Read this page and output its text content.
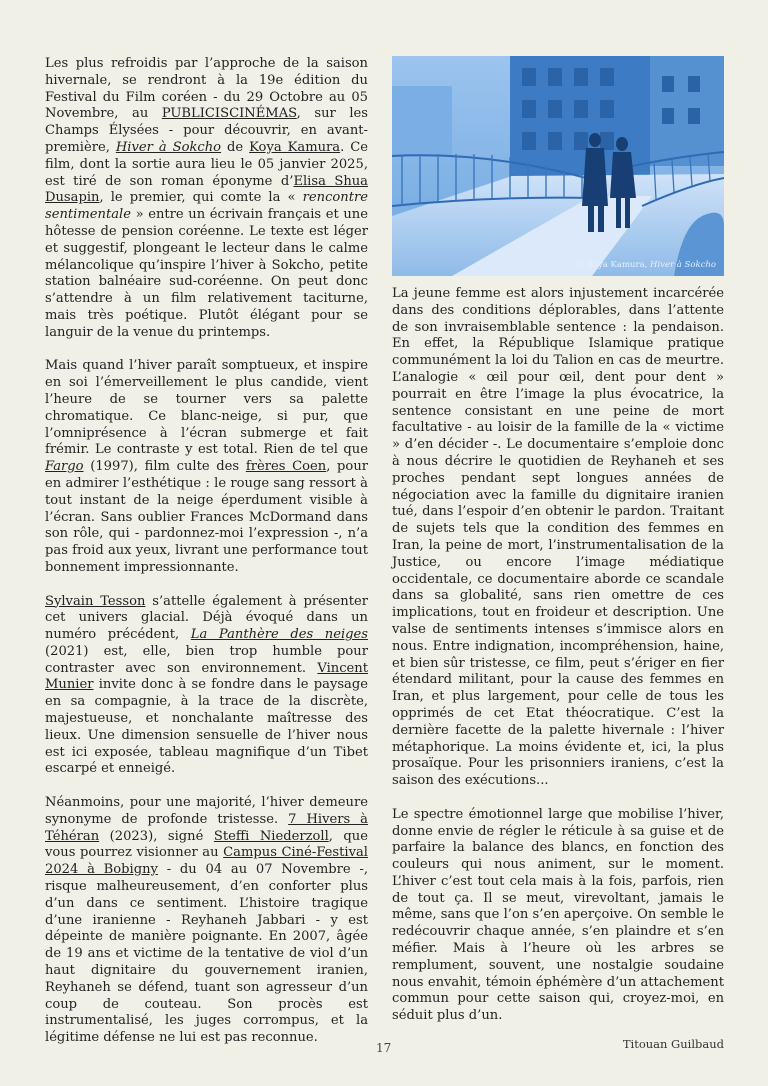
Les plus refroidis par l’approche de la saison hivernale, se rendront à la 19e édition du Festival du Film coréen - du 29 Octobre au 05 Novembre, au PUBLICISCINÉMAS, sur les Champs Élysées - pour découvrir, en avant-première, Hiver à Sokcho de Koya Kamura. Ce film, dont la sortie aura lieu le 05 janvier 2025, est tiré de son roman éponyme d’Elisa Shua Dusapin, le premier, qui comte la « rencontre sentimentale » entre un écrivain français et une hôtesse de pension coréenne. Le texte est léger et suggestif, plongeant le lecteur dans le calme mélancolique qu’inspire l’hiver à Sokcho, petite station balnéaire sud-coréenne. On peut donc s’attendre à un film relativement taciturne, mais très poétique. Plutôt élégant pour se languir de la venue du printemps.

Mais quand l’hiver paraît somptueux, et inspire en soi l’émerveillement le plus candide, vient l’heure de se tourner vers sa palette chromatique. Ce blanc-neige, si pur, que l’omniprésence à l’écran submerge et fait frémir. Le contraste y est total. Rien de tel que Fargo (1997), film culte des frères Coen, pour en admirer l’esthétique : le rouge sang ressort à tout instant de la neige éperdument visible à l’écran. Sans oublier Frances McDormand dans son rôle, qui - pardonnez-moi l’expression -, n’a pas froid aux yeux, livrant une performance tout bonnement impressionnante.

Sylvain Tesson s’attelle également à présenter cet univers glacial. Déjà évoqué dans un numéro précédent, La Panthère des neiges (2021) est, elle, bien trop humble pour contraster avec son environnement. Vincent Munier invite donc à se fondre dans le paysage en sa compagnie, à la trace de la discrète, majestueuse, et nonchalante maîtresse des lieux. Une dimension sensuelle de l’hiver nous est ici exposée, tableau magnifique d’un Tibet escarpé et enneigé.

Néanmoins, pour une majorité, l’hiver demeure synonyme de profonde tristesse. 7 Hivers à Téhéran (2023), signé Steffi Niederzoll, que vous pourrez visionner au Campus Ciné-Festival 2024 à Bobigny - du 04 au 07 Novembre -, risque malheureusement, d’en conforter plus d’un dans ce sentiment. L’histoire tragique d’une iranienne - Reyhaneh Jabbari - y est dépeinte de manière poignante. En 2007, âgée de 19 ans et victime de la tentative de viol d’un haut dignitaire du gouvernement iranien, Reyhaneh se défend, tuant son agresseur d’un coup de couteau. Son procès est instrumentalisé, les juges corrompus, et la légitime défense ne lui est pas reconnue.

© Koya Kamura, Hiver à Sokcho

La jeune femme est alors injustement incarcérée dans des conditions déplorables, dans l’attente de son invraisemblable sentence : la pendaison. En effet, la République Islamique pratique communément la loi du Talion en cas de meurtre. L’analogie « œil pour œil, dent pour dent » pourrait en être l’image la plus évocatrice, la sentence consistant en une peine de mort facultative - au loisir de la famille de la « victime » d’en décider -. Le documentaire s’emploie donc à nous décrire le quotidien de Reyhaneh et ses proches pendant sept longues années de négociation avec la famille du dignitaire iranien tué, dans l’espoir d’en obtenir le pardon. Traitant de sujets tels que la condition des femmes en Iran, la peine de mort, l’instrumentalisation de la Justice, ou encore l’image médiatique occidentale, ce documentaire aborde ce scandale dans sa globalité, sans rien omettre de ces implications, tout en froideur et description. Une valse de sentiments intenses s’immisce alors en nous. Entre indignation, incompréhension, haine, et bien sûr tristesse, ce film, peut s’ériger en fier étendard militant, pour la cause des femmes en Iran, et plus largement, pour celle de tous les opprimés de cet Etat théocratique. C’est la dernière facette de la palette hivernale : l’hiver métaphorique. La moins évidente et, ici, la plus prosaïque. Pour les prisonniers iraniens, c’est la saison des exécutions...

Le spectre émotionnel large que mobilise l’hiver, donne envie de régler le réticule à sa guise et de parfaire la balance des blancs, en fonction des couleurs qui nous animent, sur le moment. L’hiver c’est tout cela mais à la fois, parfois, rien de tout ça. Il se meut, virevoltant, jamais le même, sans que l’on s’en aperçoive. On semble le redécouvrir chaque année, s’en plaindre et s’en méfier. Mais à l’heure où les arbres se remplument, souvent, une nostalgie soudaine nous envahit, témoin éphémère d’un attachement commun pour cette saison qui, croyez-moi, en séduit plus d’un.

17	Titouan Guilbaud
